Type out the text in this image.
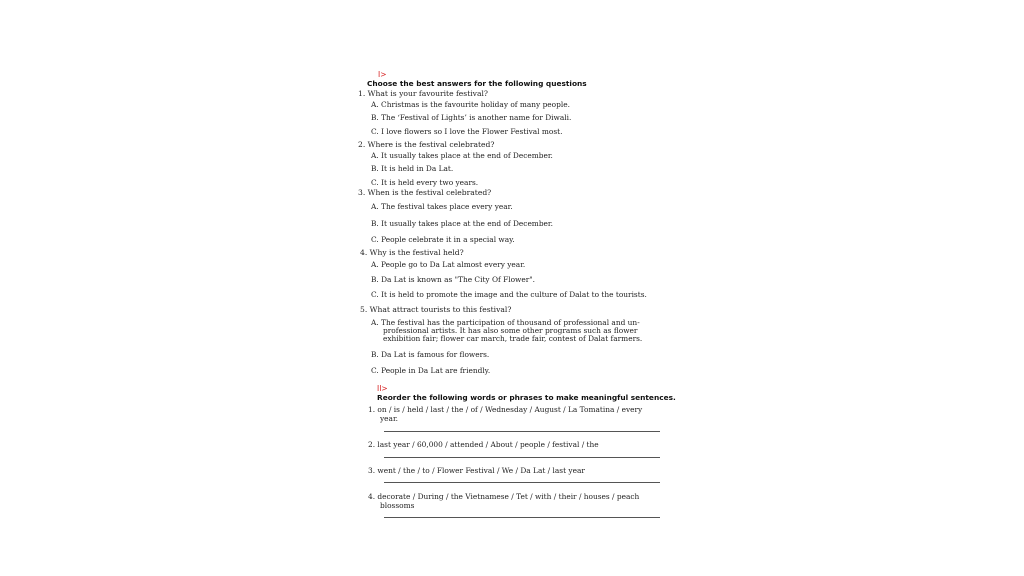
I>
Choose the best answers for the following questions
1. What is your favourite festival?
A. Christmas is the favourite holiday of many people.
B. The ‘Festival of Lights’ is another name for Diwali.
C. I love flowers so I love the Flower Festival most.
2. Where is the festival celebrated?
A. It usually takes place at the end of December.
B. It is held in Da Lat.
C. It is held every two years.
3. When is the festival celebrated?
A. The festival takes place every year.
B. It usually takes place at the end of December.
C. People celebrate it in a special way.
4. Why is the festival held?
A. People go to Da Lat almost every year.
B. Da Lat is known as "The City Of Flower".
C. It is held to promote the image and the culture of Dalat to the tourists.
5. What attract tourists to this festival?
A. The festival has the participation of thousand of professional and un-
professional artists. It has also some other programs such as flower
exhibition fair; flower car march, trade fair, contest of Dalat farmers.
B. Da Lat is famous for flowers.
C. People in Da Lat are friendly.
II>
Reorder the following words or phrases to make meaningful sentences.
1. on / is / held / last / the / of / Wednesday / August / La Tomatina / every
year.
2. last year / 60,000 / attended / About / people / festival / the
3. went / the / to / Flower Festival / We / Da Lat / last year
4. decorate / During / the Vietnamese / Tet / with / their / houses / peach
blossoms
